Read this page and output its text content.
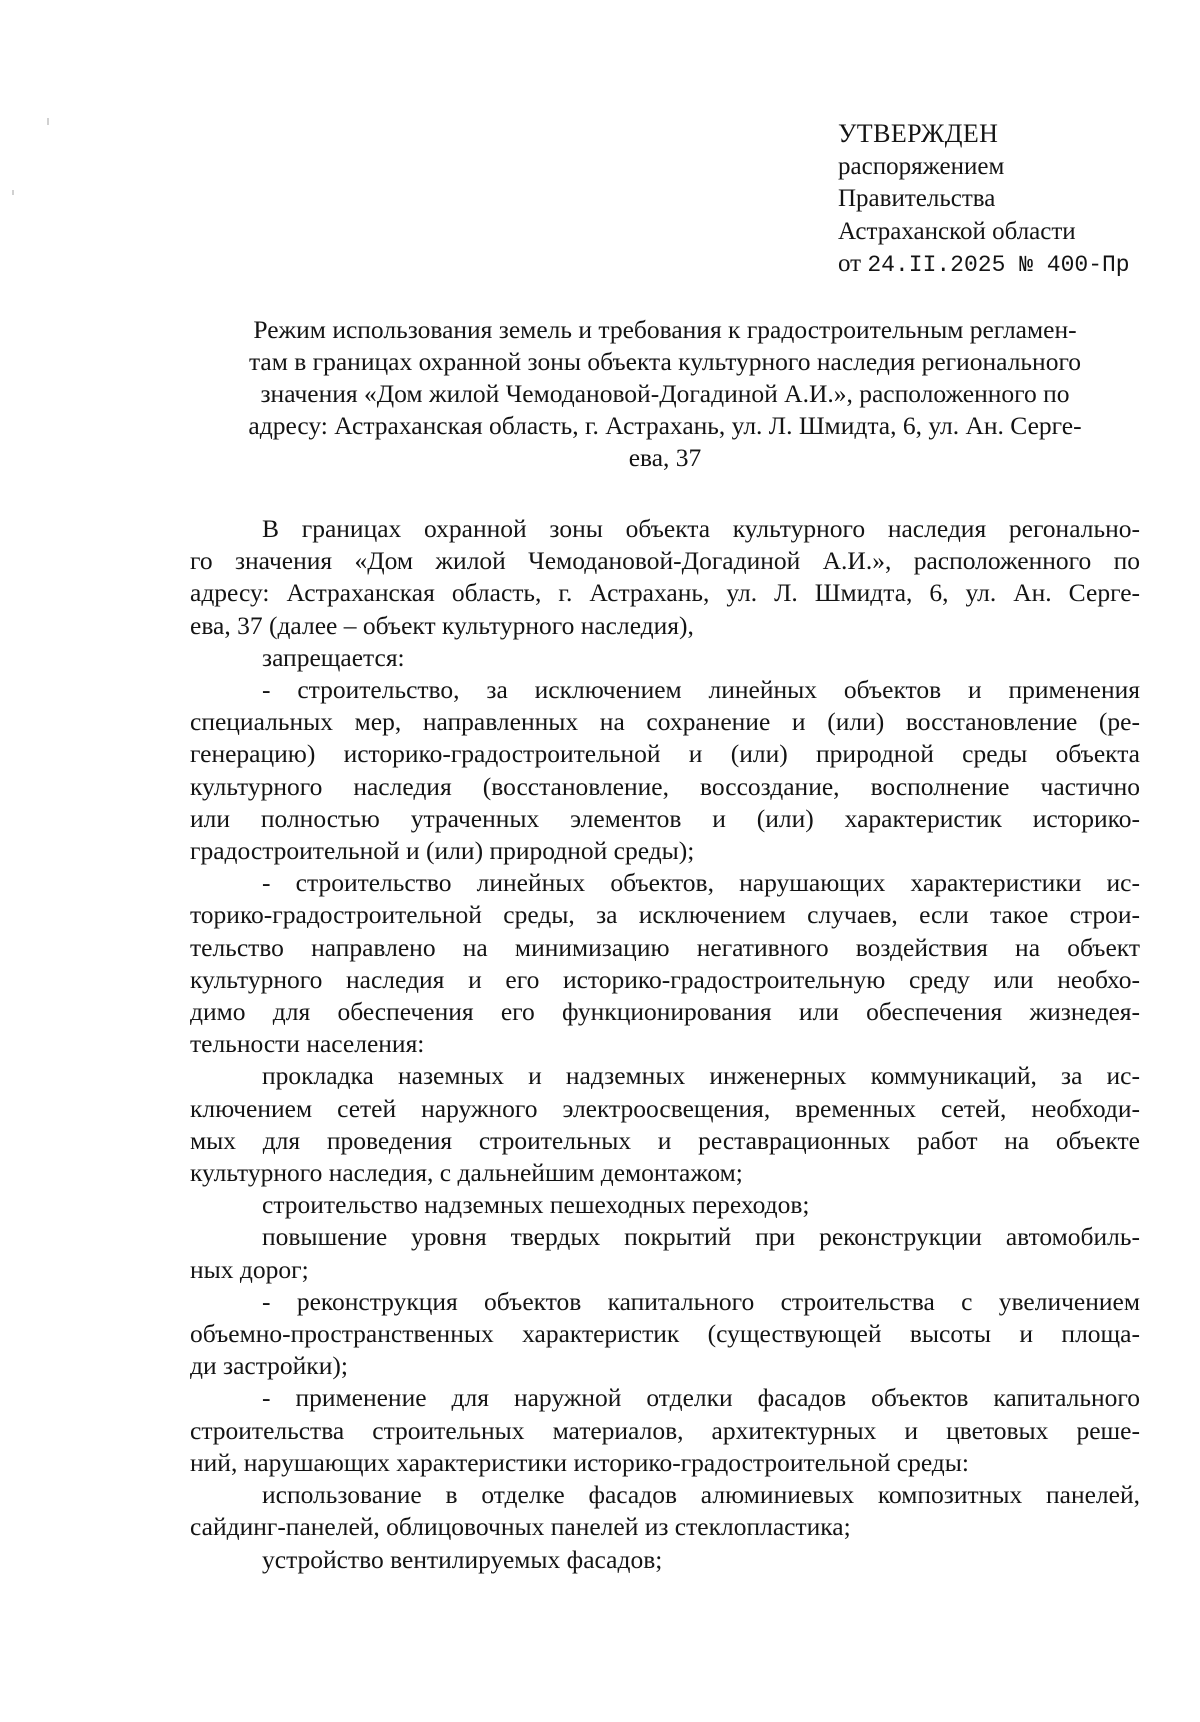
УТВЕРЖДЕН
распоряжением
Правительства
Астраханской области
от 24.II.2025 № 400-Пр
Режим использования земель и требования к градостроительным регламен-
там в границах охранной зоны объекта культурного наследия регионального
значения «Дом жилой Чемодановой-Догадиной А.И.», расположенного по
адресу: Астраханская область, г. Астрахань, ул. Л. Шмидта, 6, ул. Ан. Серге-
ева, 37
В границах охранной зоны объекта культурного наследия регонально-
го значения «Дом жилой Чемодановой-Догадиной А.И.», расположенного по
адресу: Астраханская область, г. Астрахань, ул. Л. Шмидта, 6, ул. Ан. Серге-
ева, 37 (далее – объект культурного наследия),
запрещается:
- строительство, за исключением линейных объектов и применения
специальных мер, направленных на сохранение и (или) восстановление (ре-
генерацию) историко-градостроительной и (или) природной среды объекта
культурного наследия (восстановление, воссоздание, восполнение частично
или полностью утраченных элементов и (или) характеристик историко-
градостроительной и (или) природной среды);
- строительство линейных объектов, нарушающих характеристики ис-
торико-градостроительной среды, за исключением случаев, если такое строи-
тельство направлено на минимизацию негативного воздействия на объект
культурного наследия и его историко-градостроительную среду или необхо-
димо для обеспечения его функционирования или обеспечения жизнедея-
тельности населения:
прокладка наземных и надземных инженерных коммуникаций, за ис-
ключением сетей наружного электроосвещения, временных сетей, необходи-
мых для проведения строительных и реставрационных работ на объекте
культурного наследия, с дальнейшим демонтажом;
строительство надземных пешеходных переходов;
повышение уровня твердых покрытий при реконструкции автомобиль-
ных дорог;
- реконструкция объектов капитального строительства с увеличением
объемно-пространственных характеристик (существующей высоты и площа-
ди застройки);
- применение для наружной отделки фасадов объектов капитального
строительства строительных материалов, архитектурных и цветовых реше-
ний, нарушающих характеристики историко-градостроительной среды:
использование в отделке фасадов алюминиевых композитных панелей,
сайдинг-панелей, облицовочных панелей из стеклопластика;
устройство вентилируемых фасадов;
